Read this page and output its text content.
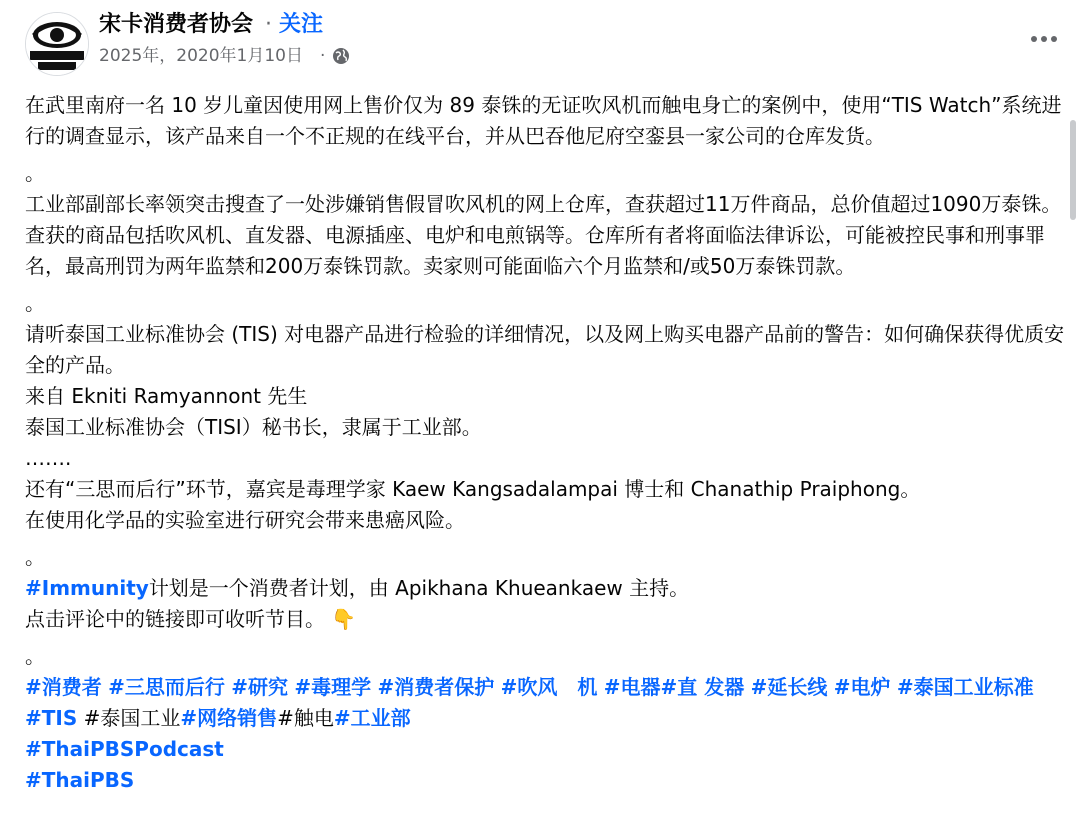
宋卡消费者协会 · 关注
2025年，2020年1月10日 ·

在武里南府一名 10 岁儿童因使用网上售价仅为 89 泰铢的无证吹风机而触电身亡的案例中，使用“TIS Watch”系统进行的调查显示，该产品来自一个不正规的在线平台，并从巴吞他尼府空銮县一家公司的仓库发货。

。

工业部副部长率领突击搜查了一处涉嫌销售假冒吹风机的网上仓库，查获超过11万件商品，总价值超过1090万泰铢。查获的商品包括吹风机、直发器、电源插座、电炉和电煎锅等。仓库所有者将面临法律诉讼，可能被控民事和刑事罪名，最高刑罚为两年监禁和200万泰铢罚款。卖家则可能面临六个月监禁和/或50万泰铢罚款。

。

请听泰国工业标准协会 (TIS) 对电器产品进行检验的详细情况，以及网上购买电器产品前的警告：如何确保获得优质安全的产品。

来自 Ekniti Ramyannont 先生

泰国工业标准协会（TISI）秘书长，隶属于工业部。

…….

还有“三思而后行”环节，嘉宾是毒理学家 Kaew Kangsadalampai 博士和 Chanathip Praiphong。

在使用化学品的实验室进行研究会带来患癌风险。

。

#Immunity计划是一个消费者计划，由 Apikhana Khueankaew 主持。

点击评论中的链接即可收听节目。 👇

。

#消费者 #三思而后行 #研究 #毒理学 #消费者保护 #吹风　机 #电器#直 发器 #延长线 #电炉 #泰国工业标准 #TIS #泰国工业#网络销售#触电#工业部

#ThaiPBSPodcast

#ThaiPBS
